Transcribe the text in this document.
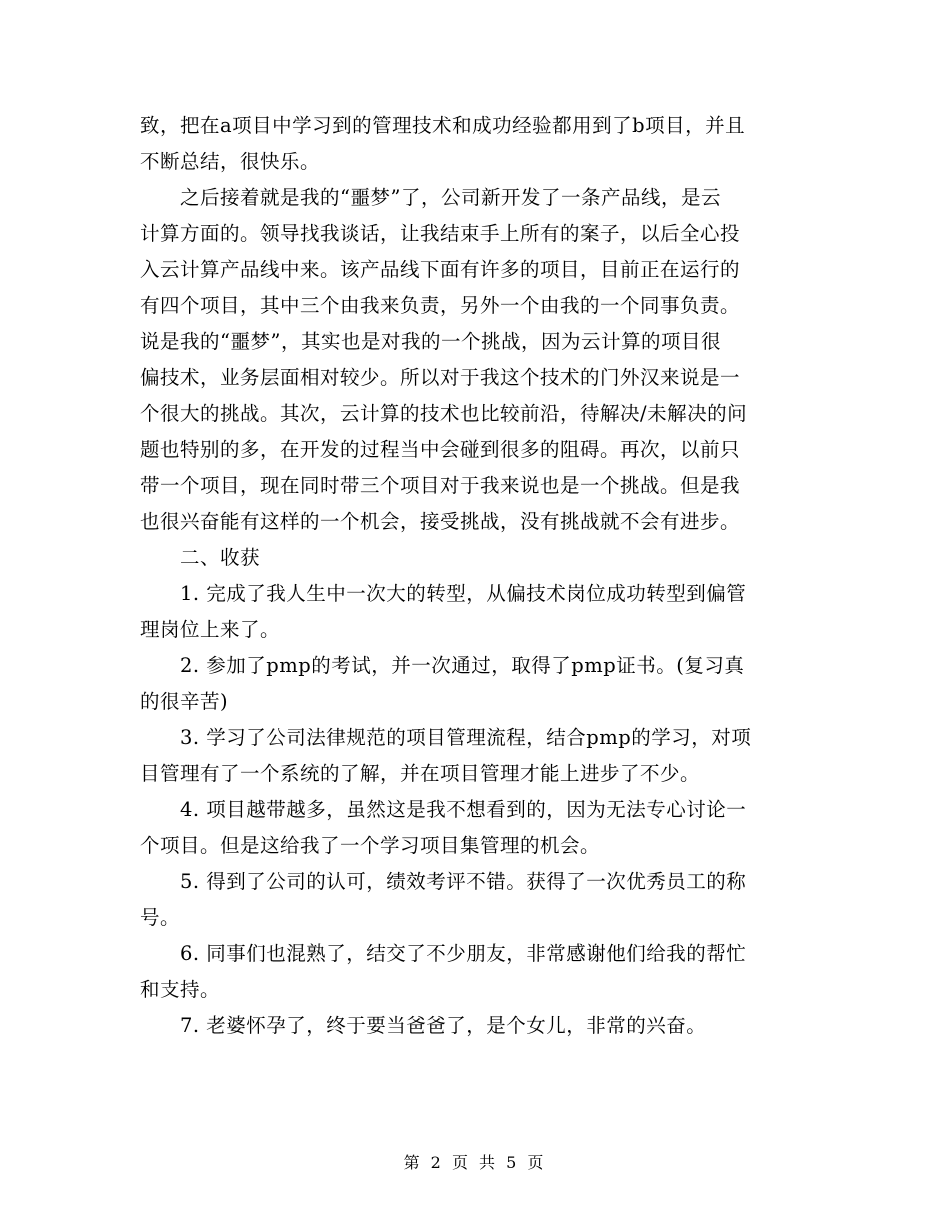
致，把在a项目中学习到的管理技术和成功经验都用到了b项目，并且
不断总结，很快乐。
之后接着就是我的“噩梦”了，公司新开发了一条产品线，是云
计算方面的。领导找我谈话，让我结束手上所有的案子，以后全心投
入云计算产品线中来。该产品线下面有许多的项目，目前正在运行的
有四个项目，其中三个由我来负责，另外一个由我的一个同事负责。
说是我的“噩梦”，其实也是对我的一个挑战，因为云计算的项目很
偏技术，业务层面相对较少。所以对于我这个技术的门外汉来说是一
个很大的挑战。其次，云计算的技术也比较前沿，待解决/未解决的问
题也特别的多，在开发的过程当中会碰到很多的阻碍。再次，以前只
带一个项目，现在同时带三个项目对于我来说也是一个挑战。但是我
也很兴奋能有这样的一个机会，接受挑战，没有挑战就不会有进步。
二、收获
1. 完成了我人生中一次大的转型，从偏技术岗位成功转型到偏管
理岗位上来了。
2. 参加了pmp的考试，并一次通过，取得了pmp证书。(复习真
的很辛苦)
3. 学习了公司法律规范的项目管理流程，结合pmp的学习，对项
目管理有了一个系统的了解，并在项目管理才能上进步了不少。
4. 项目越带越多，虽然这是我不想看到的，因为无法专心讨论一
个项目。但是这给我了一个学习项目集管理的机会。
5. 得到了公司的认可，绩效考评不错。获得了一次优秀员工的称
号。
6. 同事们也混熟了，结交了不少朋友，非常感谢他们给我的帮忙
和支持。
7. 老婆怀孕了，终于要当爸爸了，是个女儿，非常的兴奋。
第 2 页 共 5 页
